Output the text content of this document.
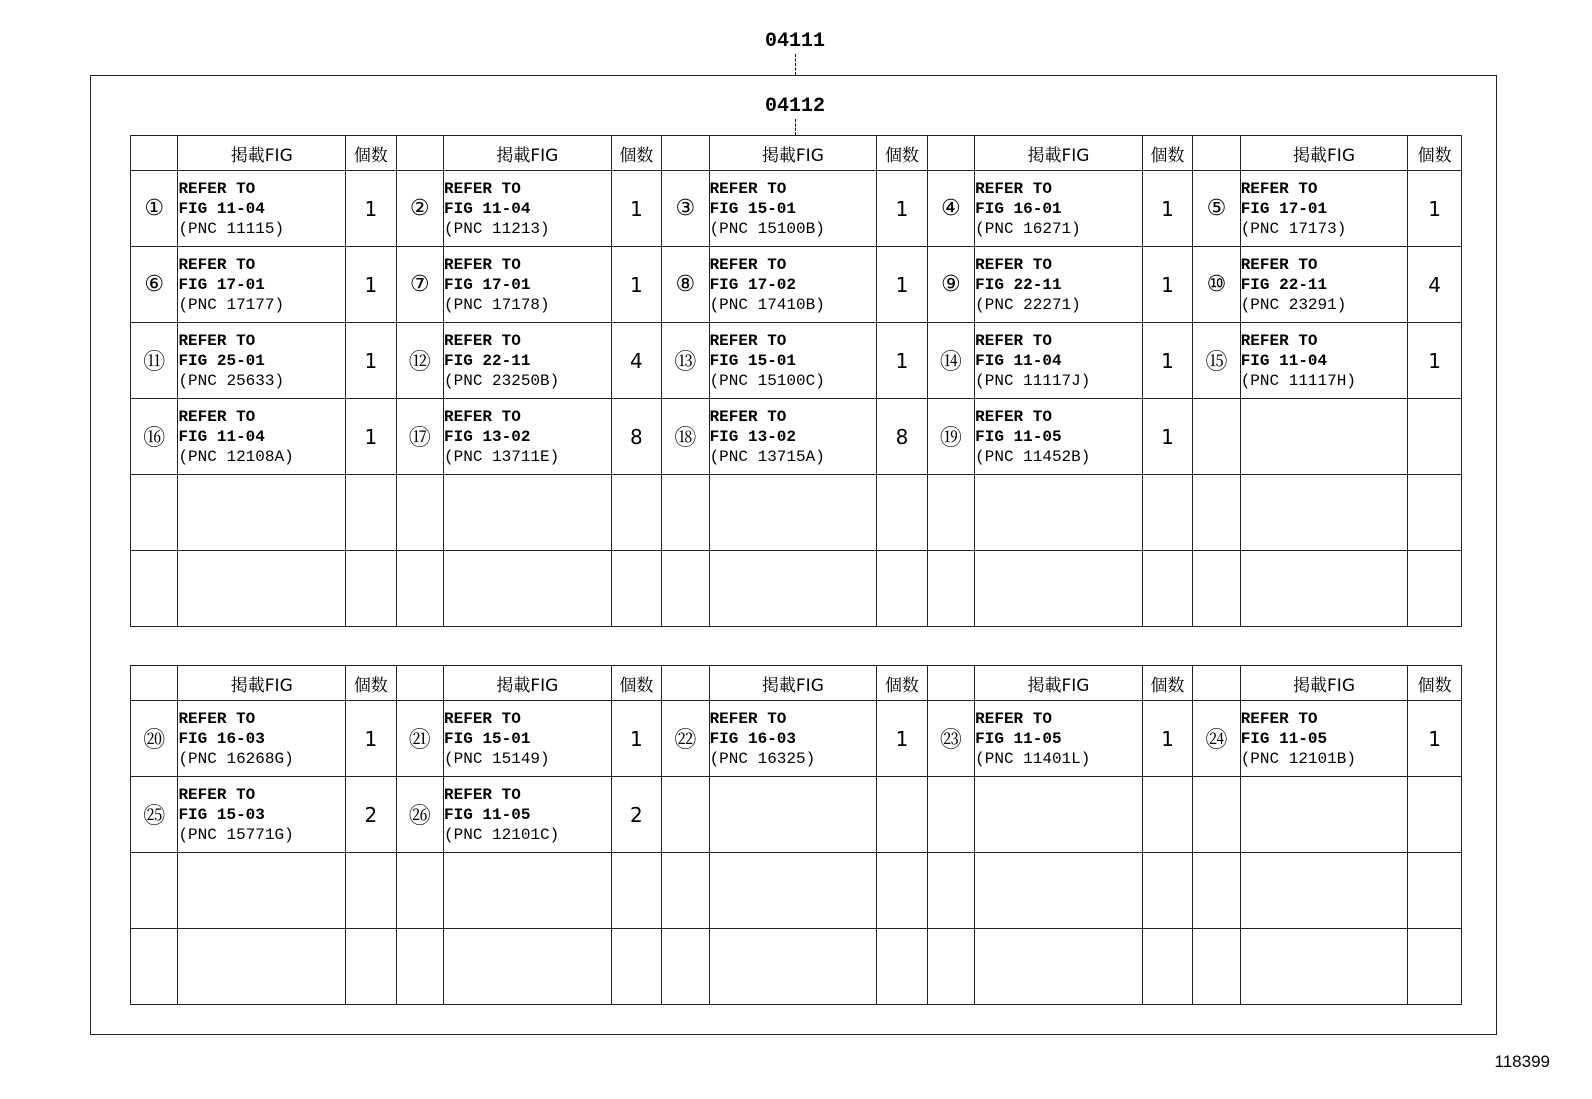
04111
04112
	掲載FIG	個数		掲載FIG	個数		掲載FIG	個数		掲載FIG	個数		掲載FIG	個数
①	REFER TO
FIG 11-04
(PNC 11115)	1	②	REFER TO
FIG 11-04
(PNC 11213)	1	③	REFER TO
FIG 15-01
(PNC 15100B)	1	④	REFER TO
FIG 16-01
(PNC 16271)	1	⑤	REFER TO
FIG 17-01
(PNC 17173)	1
⑥	REFER TO
FIG 17-01
(PNC 17177)	1	⑦	REFER TO
FIG 17-01
(PNC 17178)	1	⑧	REFER TO
FIG 17-02
(PNC 17410B)	1	⑨	REFER TO
FIG 22-11
(PNC 22271)	1	⑩	REFER TO
FIG 22-11
(PNC 23291)	4
⑪	REFER TO
FIG 25-01
(PNC 25633)	1	⑫	REFER TO
FIG 22-11
(PNC 23250B)	4	⑬	REFER TO
FIG 15-01
(PNC 15100C)	1	⑭	REFER TO
FIG 11-04
(PNC 11117J)	1	⑮	REFER TO
FIG 11-04
(PNC 11117H)	1
⑯	REFER TO
FIG 11-04
(PNC 12108A)	1	⑰	REFER TO
FIG 13-02
(PNC 13711E)	8	⑱	REFER TO
FIG 13-02
(PNC 13715A)	8	⑲	REFER TO
FIG 11-05
(PNC 11452B)	1		

	掲載FIG	個数		掲載FIG	個数		掲載FIG	個数		掲載FIG	個数		掲載FIG	個数
⑳	REFER TO
FIG 16-03
(PNC 16268G)	1	㉑	REFER TO
FIG 15-01
(PNC 15149)	1	㉒	REFER TO
FIG 16-03
(PNC 16325)	1	㉓	REFER TO
FIG 11-05
(PNC 11401L)	1	㉔	REFER TO
FIG 11-05
(PNC 12101B)	1
㉕	REFER TO
FIG 15-03
(PNC 15771G)	2	㉖	REFER TO
FIG 11-05
(PNC 12101C)	2		

118399
